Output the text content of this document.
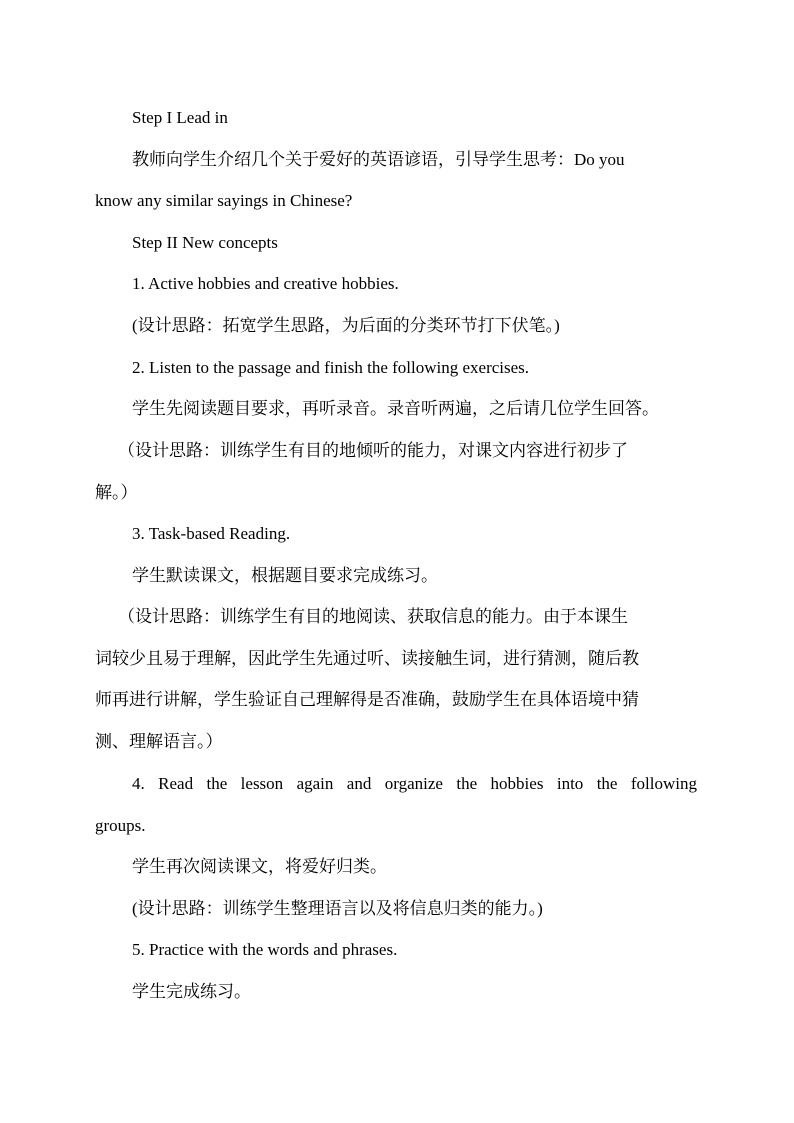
Step I Lead in
教师向学生介绍几个关于爱好的英语谚语，引导学生思考：Do you
know any similar sayings in Chinese?
Step II New concepts
1. Active hobbies and creative hobbies.
(设计思路：拓宽学生思路，为后面的分类环节打下伏笔。)
2. Listen to the passage and finish the following exercises.
学生先阅读题目要求，再听录音。录音听两遍，之后请几位学生回答。
（设计思路：训练学生有目的地倾听的能力，对课文内容进行初步了
解。）
3. Task-based Reading.
学生默读课文，根据题目要求完成练习。
（设计思路：训练学生有目的地阅读、获取信息的能力。由于本课生
词较少且易于理解，因此学生先通过听、读接触生词，进行猜测，随后教
师再进行讲解，学生验证自己理解得是否准确，鼓励学生在具体语境中猜
测、理解语言。）
4. Read the lesson again and organize the hobbies into the following
groups.
学生再次阅读课文，将爱好归类。
(设计思路：训练学生整理语言以及将信息归类的能力。)
5. Practice with the words and phrases.
学生完成练习。
